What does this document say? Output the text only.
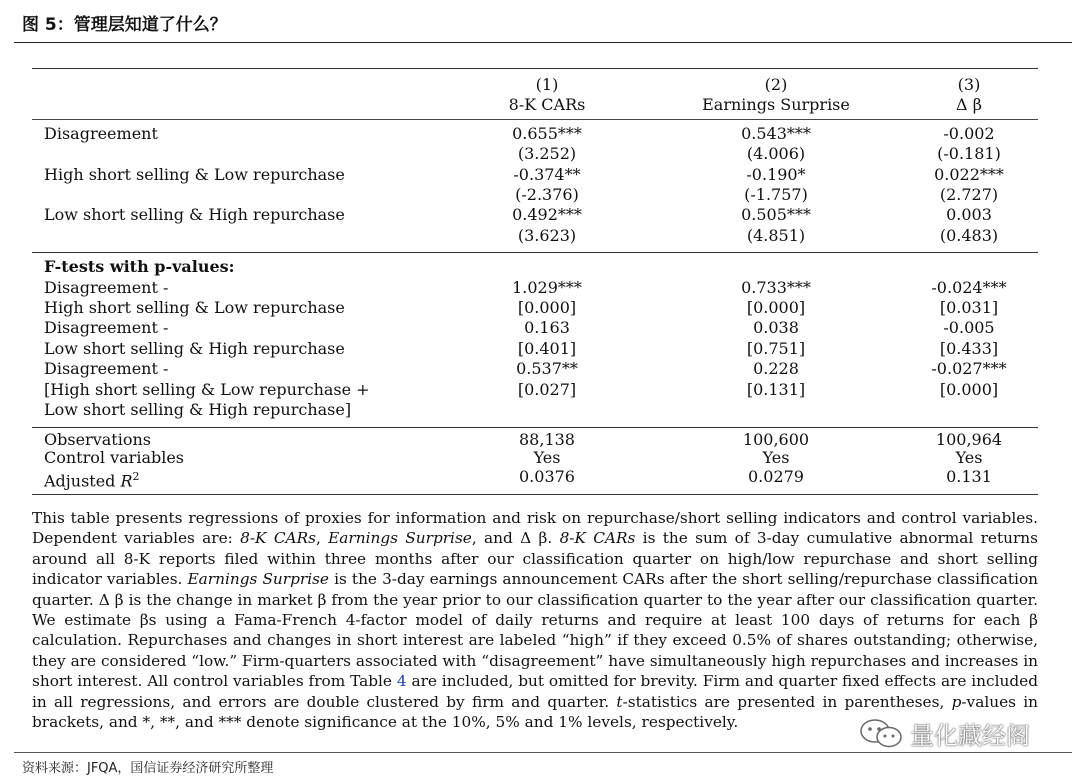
图 5：管理层知道了什么？
	(1)	(2)	(3)
	8-K CARs	Earnings Surprise	Δ β
Disagreement	0.655***	0.543***	-0.002
	(3.252)	(4.006)	(-0.181)
High short selling & Low repurchase	-0.374**	-0.190*	0.022***
	(-2.376)	(-1.757)	(2.727)
Low short selling & High repurchase	0.492***	0.505***	0.003
	(3.623)	(4.851)	(0.483)
F-tests with p-values:			
Disagreement -	1.029***	0.733***	-0.024***
High short selling & Low repurchase	[0.000]	[0.000]	[0.031]
Disagreement -	0.163	0.038	-0.005
Low short selling & High repurchase	[0.401]	[0.751]	[0.433]
Disagreement -	0.537**	0.228	-0.027***
[High short selling & Low repurchase +	[0.027]	[0.131]	[0.000]
Low short selling & High repurchase]			
Observations	88,138	100,600	100,964
Control variables	Yes	Yes	Yes
Adjusted $R^2$	0.0376	0.0279	0.131
This table presents regressions of proxies for information and risk on repurchase/short selling indicators and control variables. Dependent variables are: 8-K CARs, Earnings Surprise, and Δ β. 8-K CARs is the sum of 3-day cumulative abnormal returns around all 8-K reports filed within three months after our classification quarter on high/low repurchase and short selling indicator variables. Earnings Surprise is the 3-day earnings announcement CARs after the short selling/repurchase classification quarter. Δ β is the change in market β from the year prior to our classification quarter to the year after our classification quarter. We estimate βs using a Fama-French 4-factor model of daily returns and require at least 100 days of returns for each β calculation. Repurchases and changes in short interest are labeled “high” if they exceed 0.5% of shares outstanding; otherwise, they are considered “low.” Firm-quarters associated with “disagreement” have simultaneously high repurchases and increases in short interest. All control variables from Table 4 are included, but omitted for brevity. Firm and quarter fixed effects are included in all regressions, and errors are double clustered by firm and quarter. t-statistics are presented in parentheses, p-values in brackets, and *, **, and *** denote significance at the 10%, 5% and 1% levels, respectively.	量化藏经阁
资料来源：JFQA，国信证券经济研究所整理
